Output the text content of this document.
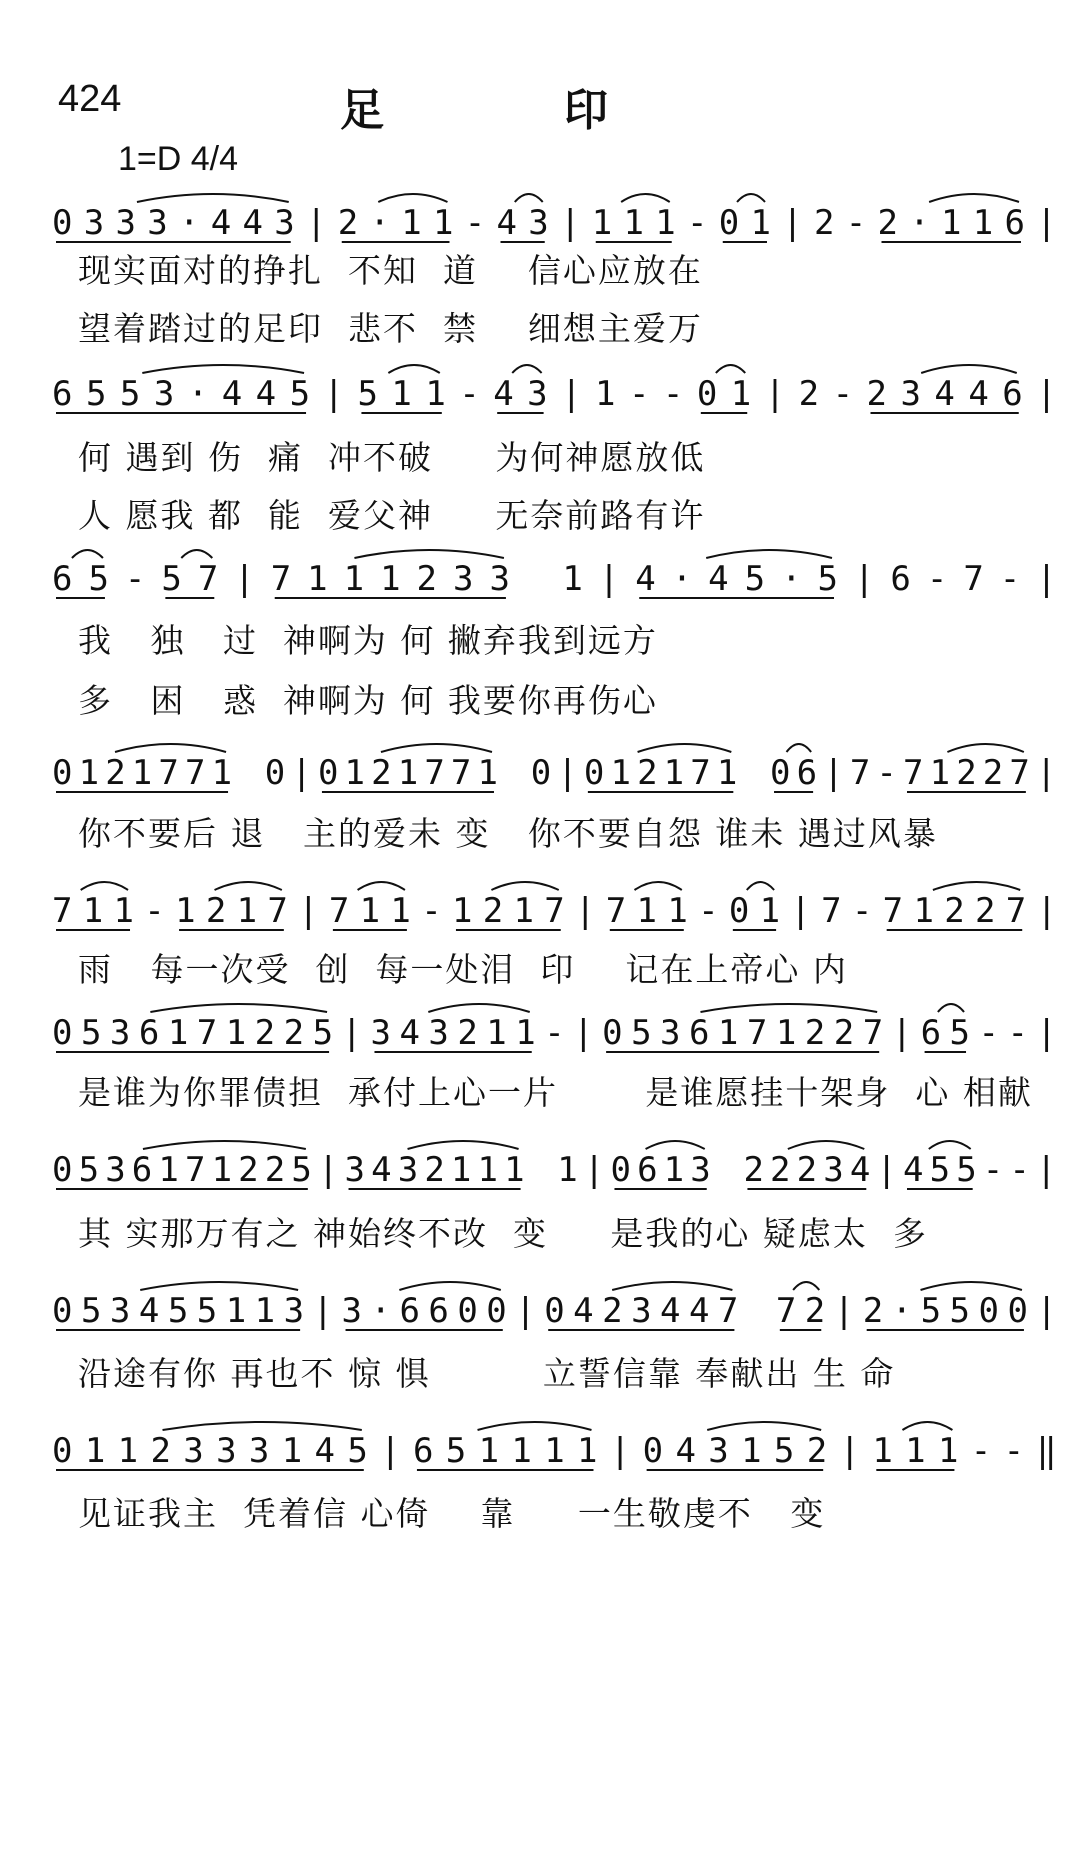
424	足印
1=D 4/4
0 3 3 3 · 4 4 3 | 2 · 1 1 - 4 3 | 1 1 1 - 0 1 | 2 - 2 · 1 1 6 |
现实面对的挣扎  不知  道    信心应放在
望着踏过的足印  悲不  禁    细想主爱万
6 5 5 3 · 4 4 5 | 5 1 1 - 4 3 | 1 - - 0 1 | 2 - 2 3 4 4 6 |
何 遇到 伤  痛  冲不破     为何神愿放低
人 愿我 都  能  爱父神     无奈前路有许
6 5 - 5 7 | 7 1 1 1 2 3 3
1 | 4 · 4 5 · 5 | 6 - 7 - |
我   独   过  神啊为 何 撇弃我到远方
多   困   惑  神啊为 何 我要你再伤心
0 1 2 1 7 7 1
0 | 0 1 2 1 7 7 1
0 | 0 1 2 1 7 1
0 6 | 7 - 7 1 2 2 7 |
你不要后 退   主的爱未 变   你不要自怨 谁未 遇过风暴
7 1 1 - 1 2 1 7 | 7 1 1 - 1 2 1 7 | 7 1 1 - 0 1 | 7 - 7 1 2 2 7 |
雨   每一次受  创  每一处泪  印    记在上帝心 内
0 5 3 6 1 7 1 2 2 5 | 3 4 3 2 1 1 - | 0 5 3 6 1 7 1 2 2 7 | 6 5 - - |
是谁为你罪债担  承付上心一片       是谁愿挂十架身  心 相献
0 5 3 6 1 7 1 2 2 5 | 3 4 3 2 1 1 1
1 | 0 6 1 3
2 2 2 3 4 | 4 5 5 - - |
其 实那万有之 神始终不改  变     是我的心 疑虑太  多
0 5 3 4 5 5 1 1 3 | 3 · 6 6 0 0 | 0 4 2 3 4 4 7
7 2 | 2 · 5 5 0 0 |
沿途有你 再也不 惊 惧         立誓信靠 奉献出 生 命
0 1 1 2 3 3 3 1 4 5 | 6 5 1 1 1 1 | 0 4 3 1 5 2 | 1 1 1 - - ‖
见证我主  凭着信 心倚    靠     一生敬虔不   变
